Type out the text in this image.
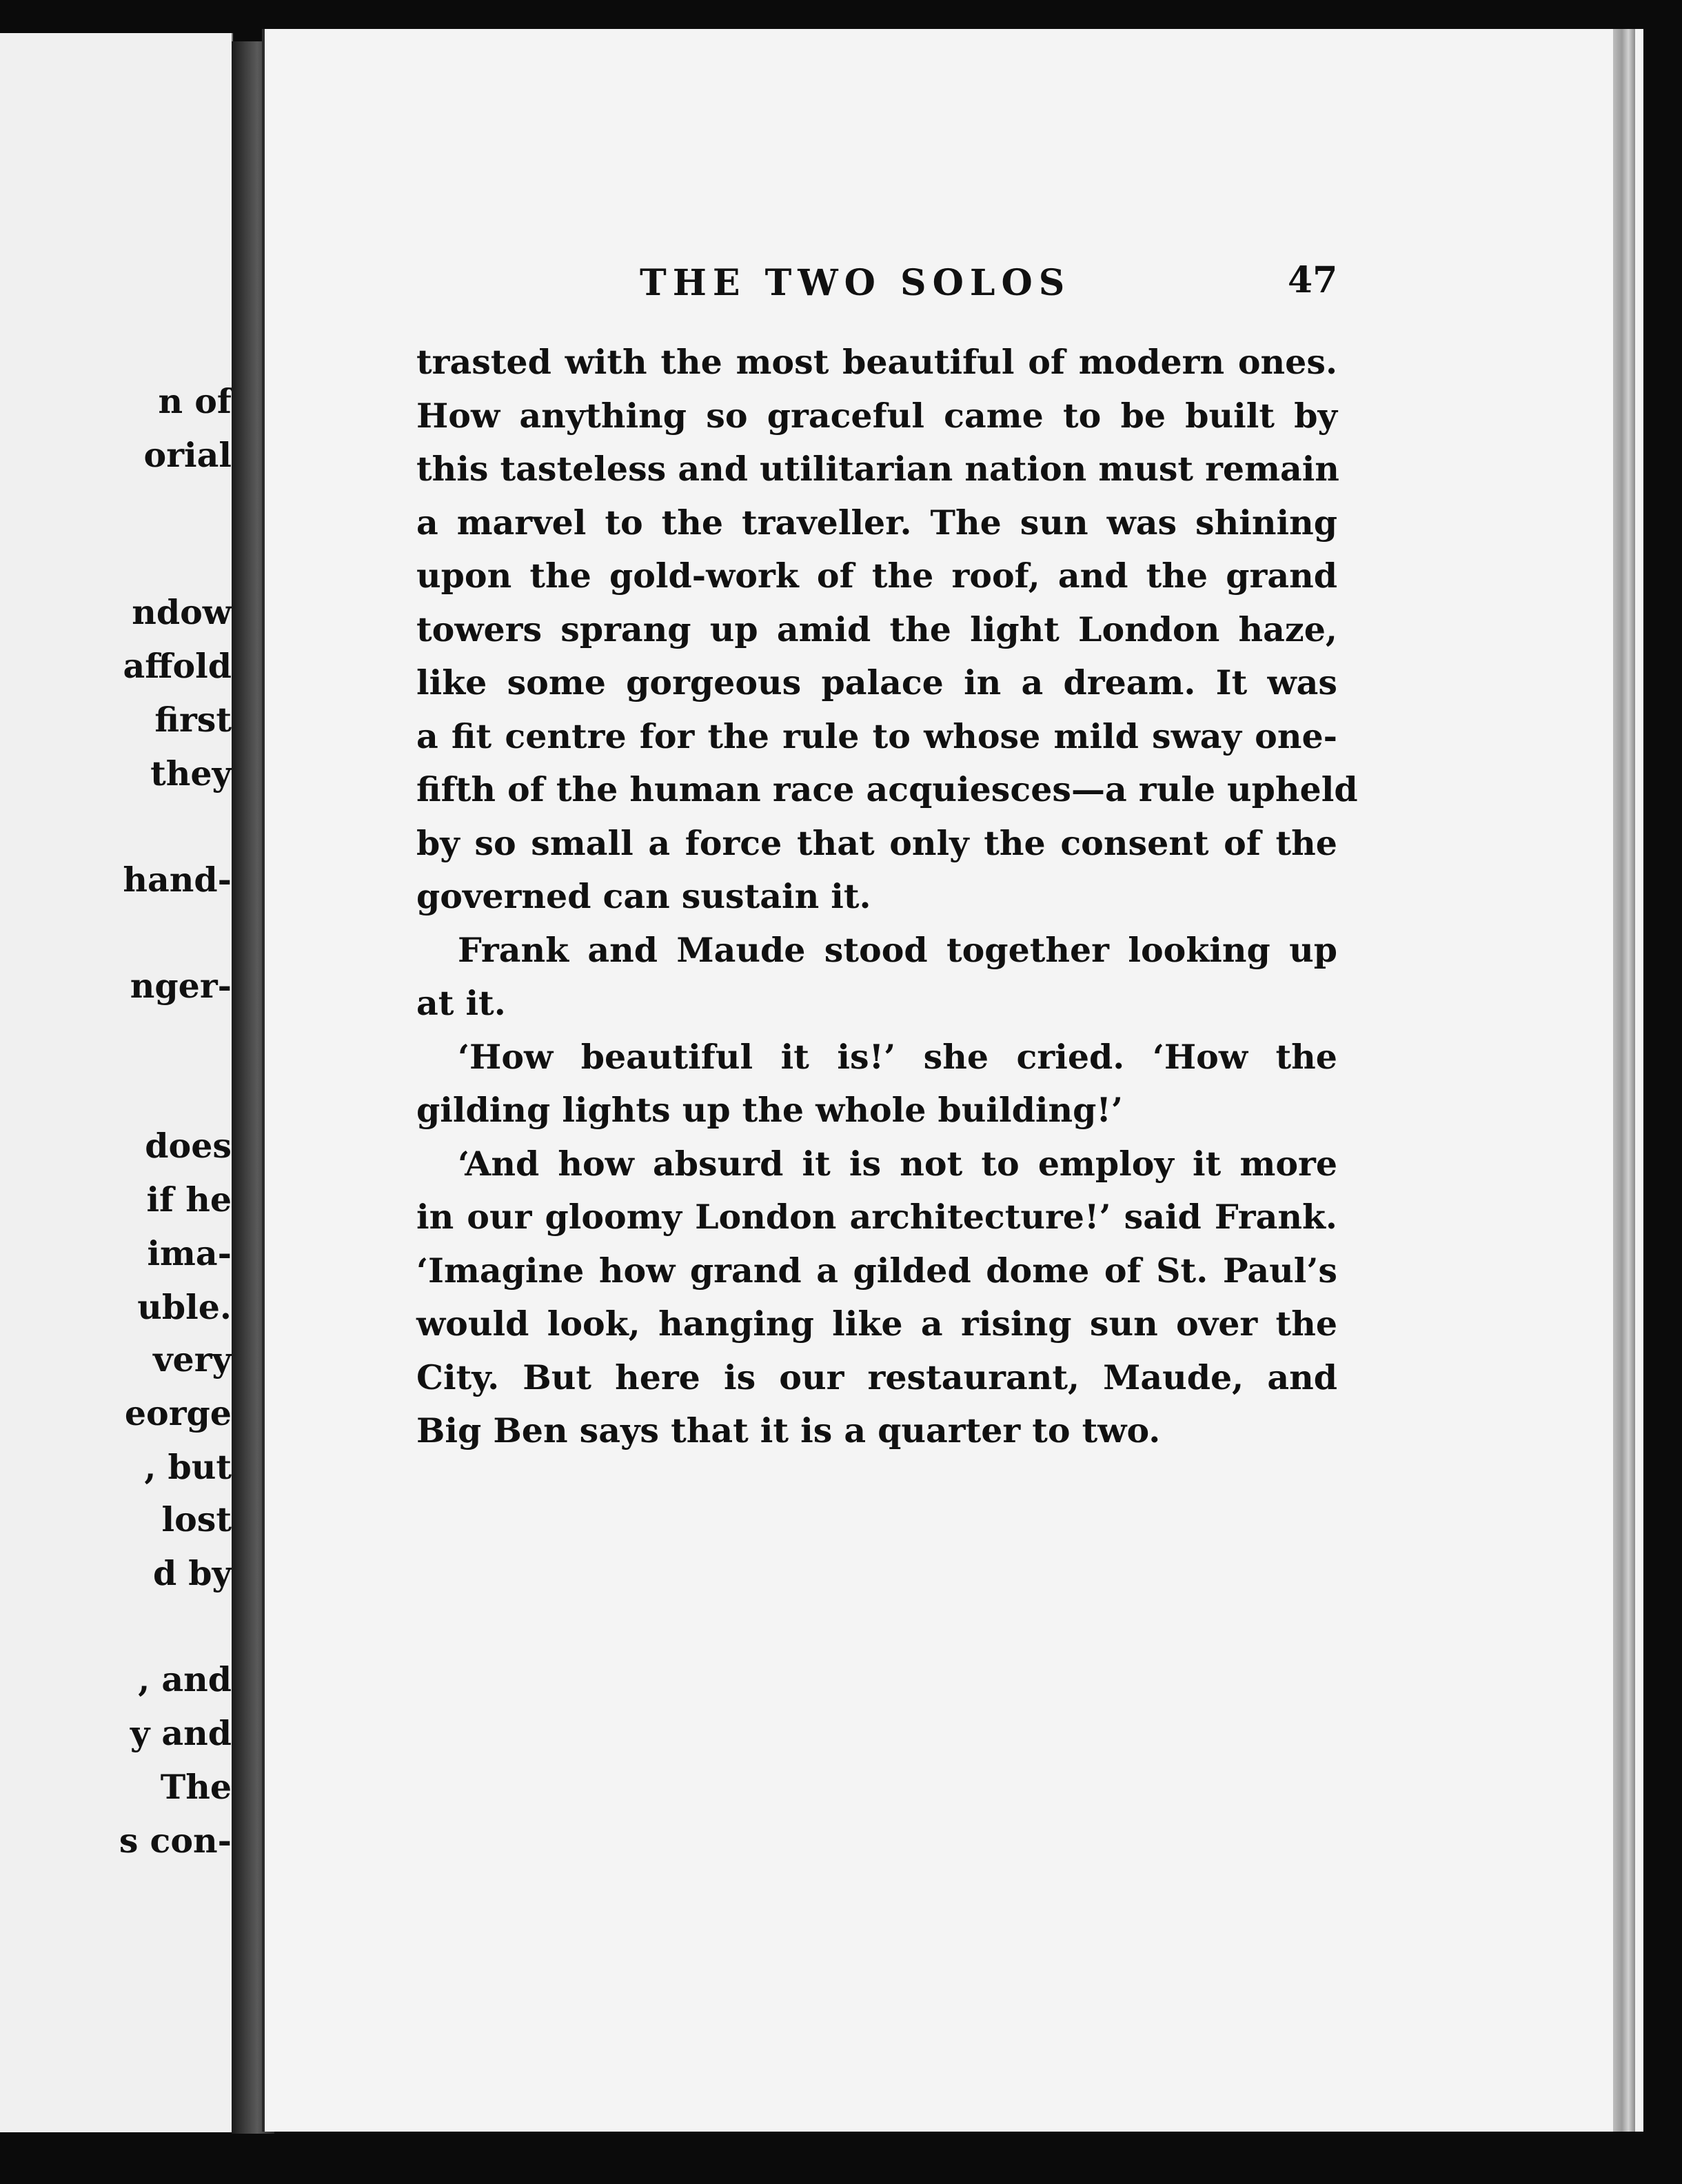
n of
orial
ndow
affold
first
they
hand-
nger-
does
if he
ima-
uble.
very
eorge
, but
lost
d by
, and
y and
The
s con-
THE TWO SOLOS	47
trasted with the most beautiful of modern ones.
How anything so graceful came to be built by
this tasteless and utilitarian nation must remain
a marvel to the traveller. The sun was shining
upon the gold-work of the roof, and the grand
towers sprang up amid the light London haze,
like some gorgeous palace in a dream. It was
a fit centre for the rule to whose mild sway one-
fifth of the human race acquiesces—a rule upheld
by so small a force that only the consent of the
governed can sustain it.
Frank and Maude stood together looking up
at it.
‘How beautiful it is!’ she cried. ‘How the
gilding lights up the whole building!’
‘And how absurd it is not to employ it more
in our gloomy London architecture!’ said Frank.
‘Imagine how grand a gilded dome of St. Paul’s
would look, hanging like a rising sun over the
City. But here is our restaurant, Maude, and
Big Ben says that it is a quarter to two.
